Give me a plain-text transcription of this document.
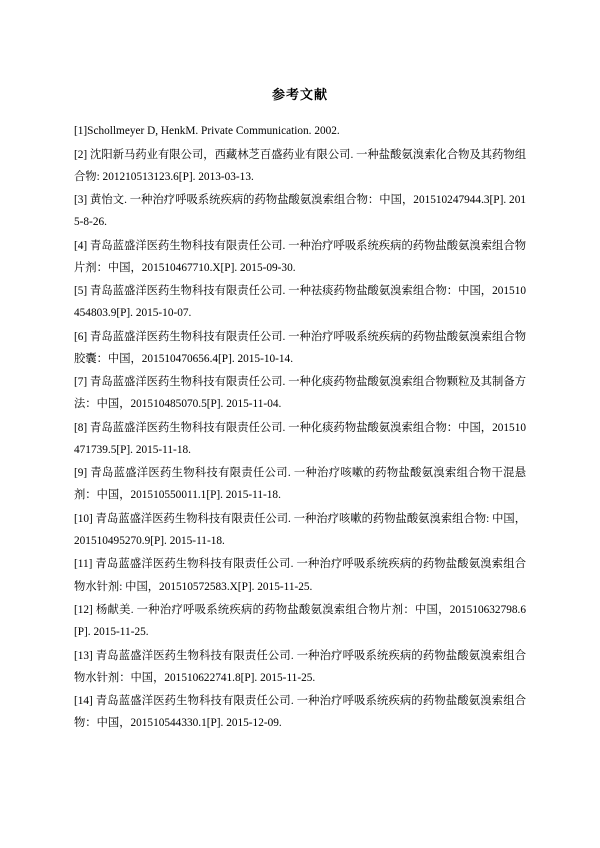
参考文献

[1]Schollmeyer D, HenkM. Private Communication. 2002.

[2] 沈阳新马药业有限公司，西藏林芝百盛药业有限公司. 一种盐酸氨溴索化合物及其药物组合物: 201210513123.6[P]. 2013-03-13.

[3] 黄怡文. 一种治疗呼吸系统疾病的药物盐酸氨溴索组合物：中国，201510247944.3[P]. 2015-8-26.

[4] 青岛蓝盛洋医药生物科技有限责任公司. 一种治疗呼吸系统疾病的药物盐酸氨溴索组合物片剂：中国，201510467710.X[P]. 2015-09-30.

[5] 青岛蓝盛洋医药生物科技有限责任公司. 一种祛痰药物盐酸氨溴索组合物：中国，201510454803.9[P]. 2015-10-07.

[6] 青岛蓝盛洋医药生物科技有限责任公司. 一种治疗呼吸系统疾病的药物盐酸氨溴索组合物胶囊：中国，201510470656.4[P]. 2015-10-14.

[7] 青岛蓝盛洋医药生物科技有限责任公司. 一种化痰药物盐酸氨溴索组合物颗粒及其制备方法：中国，201510485070.5[P]. 2015-11-04.

[8] 青岛蓝盛洋医药生物科技有限责任公司. 一种化痰药物盐酸氨溴索组合物：中国，201510471739.5[P]. 2015-11-18.

[9] 青岛蓝盛洋医药生物科技有限责任公司. 一种治疗咳嗽的药物盐酸氨溴索组合物干混悬剂：中国，201510550011.1[P]. 2015-11-18.

[10] 青岛蓝盛洋医药生物科技有限责任公司. 一种治疗咳嗽的药物盐酸氨溴索组合物: 中国，201510495270.9[P]. 2015-11-18.

[11] 青岛蓝盛洋医药生物科技有限责任公司. 一种治疗呼吸系统疾病的药物盐酸氨溴索组合物水针剂: 中国，201510572583.X[P]. 2015-11-25.

[12] 杨献美. 一种治疗呼吸系统疾病的药物盐酸氨溴索组合物片剂：中国，201510632798.6[P]. 2015-11-25.

[13] 青岛蓝盛洋医药生物科技有限责任公司. 一种治疗呼吸系统疾病的药物盐酸氨溴索组合物水针剂：中国，201510622741.8[P]. 2015-11-25.

[14] 青岛蓝盛洋医药生物科技有限责任公司. 一种治疗呼吸系统疾病的药物盐酸氨溴索组合物：中国，201510544330.1[P]. 2015-12-09.
